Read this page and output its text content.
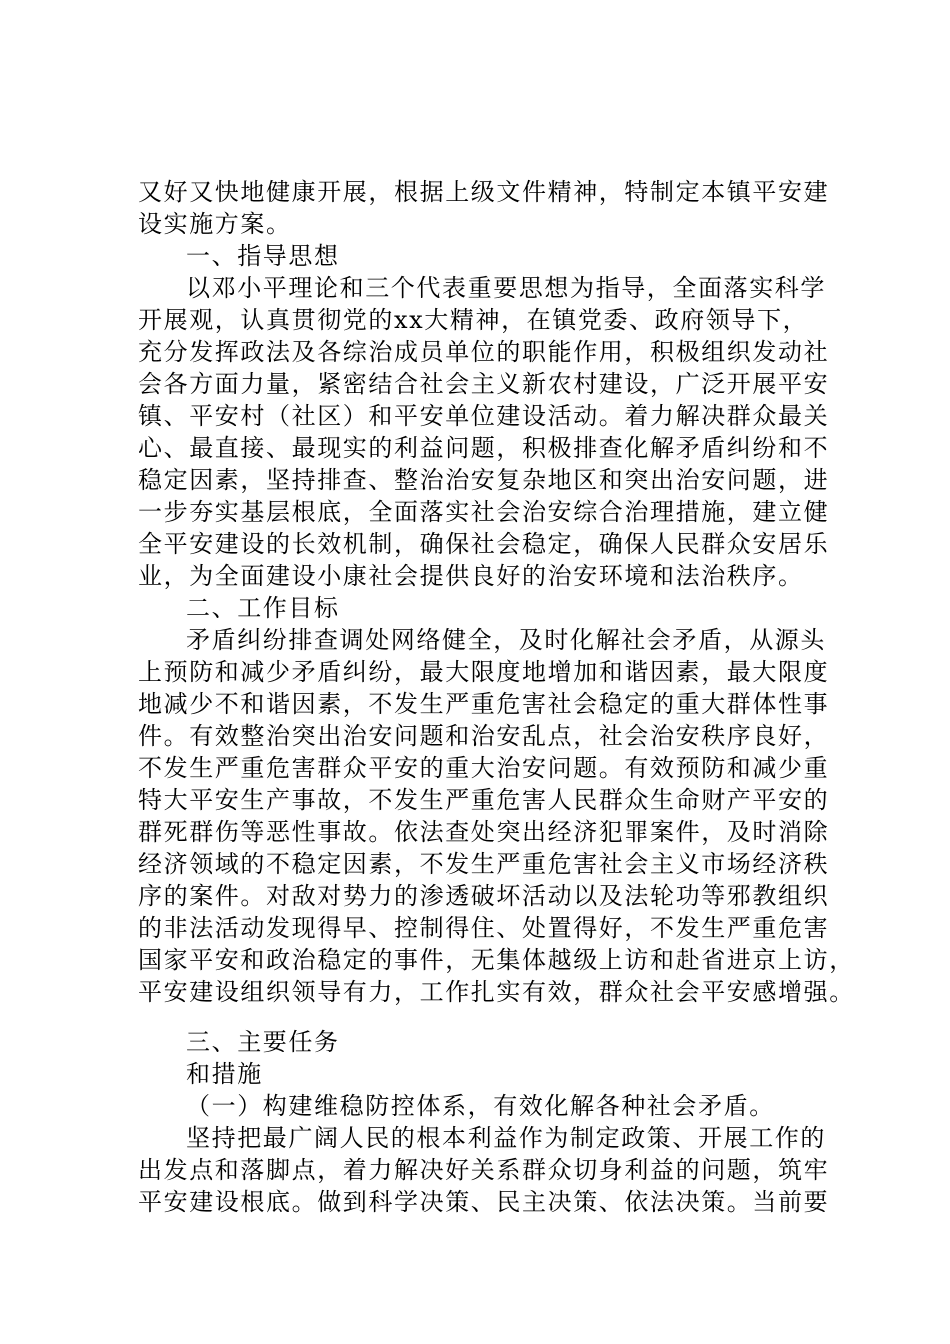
又好又快地健康开展，根据上级文件精神，特制定本镇平安建
设实施方案。
一、指导思想
以邓小平理论和三个代表重要思想为指导，全面落实科学
开展观，认真贯彻党的xx大精神，在镇党委、政府领导下，
充分发挥政法及各综治成员单位的职能作用，积极组织发动社
会各方面力量，紧密结合社会主义新农村建设，广泛开展平安
镇、平安村（社区）和平安单位建设活动。着力解决群众最关
心、最直接、最现实的利益问题，积极排查化解矛盾纠纷和不
稳定因素，坚持排查、整治治安复杂地区和突出治安问题，进
一步夯实基层根底，全面落实社会治安综合治理措施，建立健
全平安建设的长效机制，确保社会稳定，确保人民群众安居乐
业，为全面建设小康社会提供良好的治安环境和法治秩序。
二、工作目标
矛盾纠纷排查调处网络健全，及时化解社会矛盾，从源头
上预防和减少矛盾纠纷，最大限度地增加和谐因素，最大限度
地减少不和谐因素，不发生严重危害社会稳定的重大群体性事
件。有效整治突出治安问题和治安乱点，社会治安秩序良好，
不发生严重危害群众平安的重大治安问题。有效预防和减少重
特大平安生产事故，不发生严重危害人民群众生命财产平安的
群死群伤等恶性事故。依法查处突出经济犯罪案件，及时消除
经济领域的不稳定因素，不发生严重危害社会主义市场经济秩
序的案件。对敌对势力的渗透破坏活动以及法轮功等邪教组织
的非法活动发现得早、控制得住、处置得好，不发生严重危害
国家平安和政治稳定的事件，无集体越级上访和赴省进京上访，
平安建设组织领导有力，工作扎实有效，群众社会平安感增强。
三、主要任务
和措施
（一）构建维稳防控体系，有效化解各种社会矛盾。
坚持把最广阔人民的根本利益作为制定政策、开展工作的
出发点和落脚点，着力解决好关系群众切身利益的问题，筑牢
平安建设根底。做到科学决策、民主决策、依法决策。当前要
